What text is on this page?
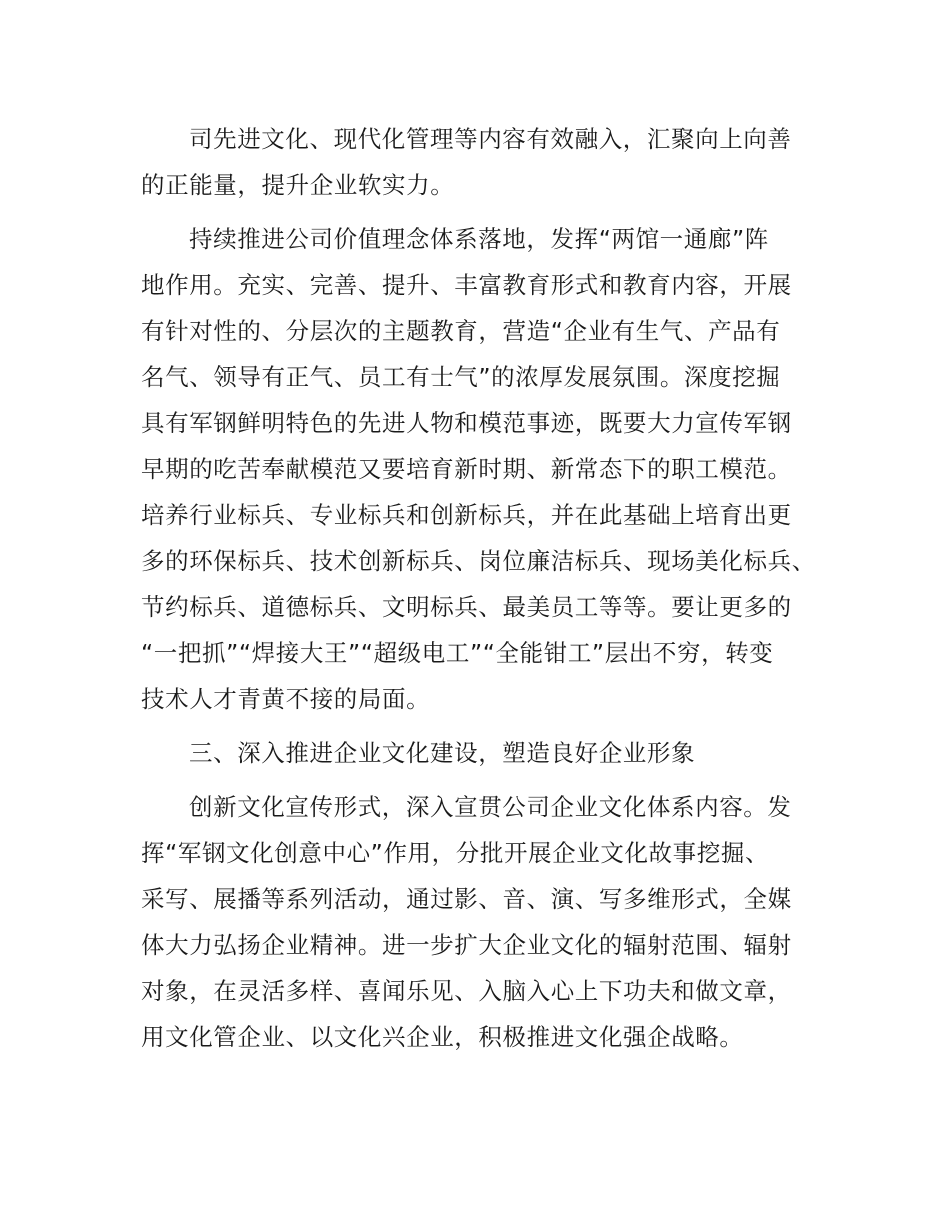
司先进文化、现代化管理等内容有效融入，汇聚向上向善
的正能量，提升企业软实力。
持续推进公司价值理念体系落地，发挥“两馆一通廊”阵
地作用。充实、完善、提升、丰富教育形式和教育内容，开展
有针对性的、分层次的主题教育，营造“企业有生气、产品有
名气、领导有正气、员工有士气”的浓厚发展氛围。深度挖掘
具有军钢鲜明特色的先进人物和模范事迹，既要大力宣传军钢
早期的吃苦奉献模范又要培育新时期、新常态下的职工模范。
培养行业标兵、专业标兵和创新标兵，并在此基础上培育出更
多的环保标兵、技术创新标兵、岗位廉洁标兵、现场美化标兵、
节约标兵、道德标兵、文明标兵、最美员工等等。要让更多的
“一把抓”“焊接大王”“超级电工”“全能钳工”层出不穷，转变
技术人才青黄不接的局面。
三、深入推进企业文化建设，塑造良好企业形象
创新文化宣传形式，深入宣贯公司企业文化体系内容。发
挥“军钢文化创意中心”作用，分批开展企业文化故事挖掘、
采写、展播等系列活动，通过影、音、演、写多维形式，全媒
体大力弘扬企业精神。进一步扩大企业文化的辐射范围、辐射
对象，在灵活多样、喜闻乐见、入脑入心上下功夫和做文章，
用文化管企业、以文化兴企业，积极推进文化强企战略。
